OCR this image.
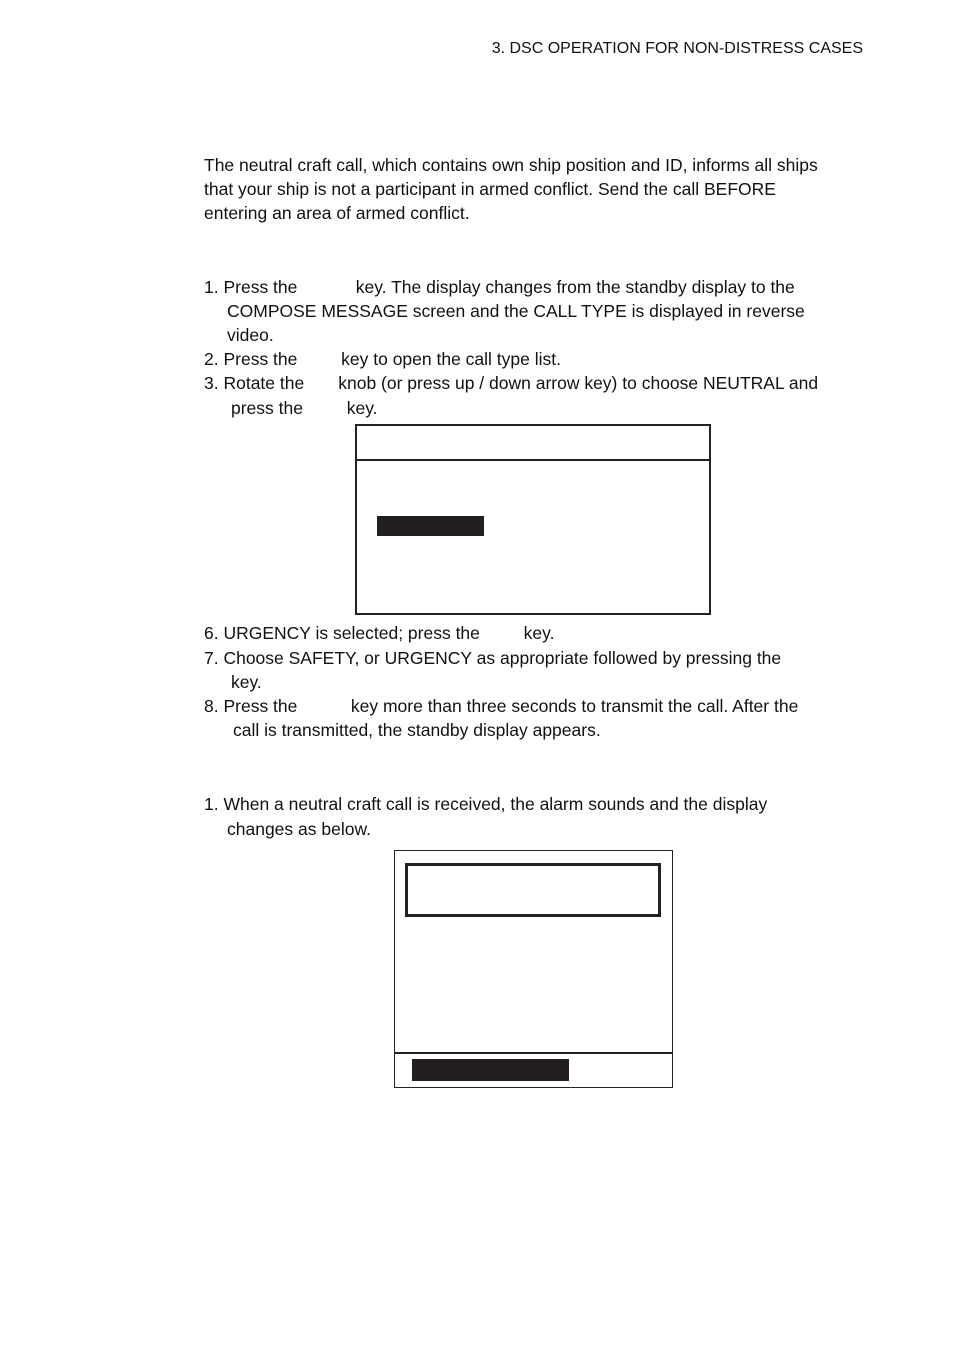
3. DSC OPERATION FOR NON-DISTRESS CASES
The neutral craft call, which contains own ship position and ID, informs all ships
that your ship is not a participant in armed conflict. Send the call BEFORE
entering an area of armed conflict.
1. Press the            key. The display changes from the standby display to the
COMPOSE MESSAGE screen and the CALL TYPE is displayed in reverse
video.
2. Press the         key to open the call type list.
3. Rotate the       knob (or press up / down arrow key) to choose NEUTRAL and
press the         key.
6. URGENCY is selected; press the         key.
7. Choose SAFETY, or URGENCY as appropriate followed by pressing the
key.
8. Press the           key more than three seconds to transmit the call. After the
call is transmitted, the standby display appears.
1. When a neutral craft call is received, the alarm sounds and the display
changes as below.
